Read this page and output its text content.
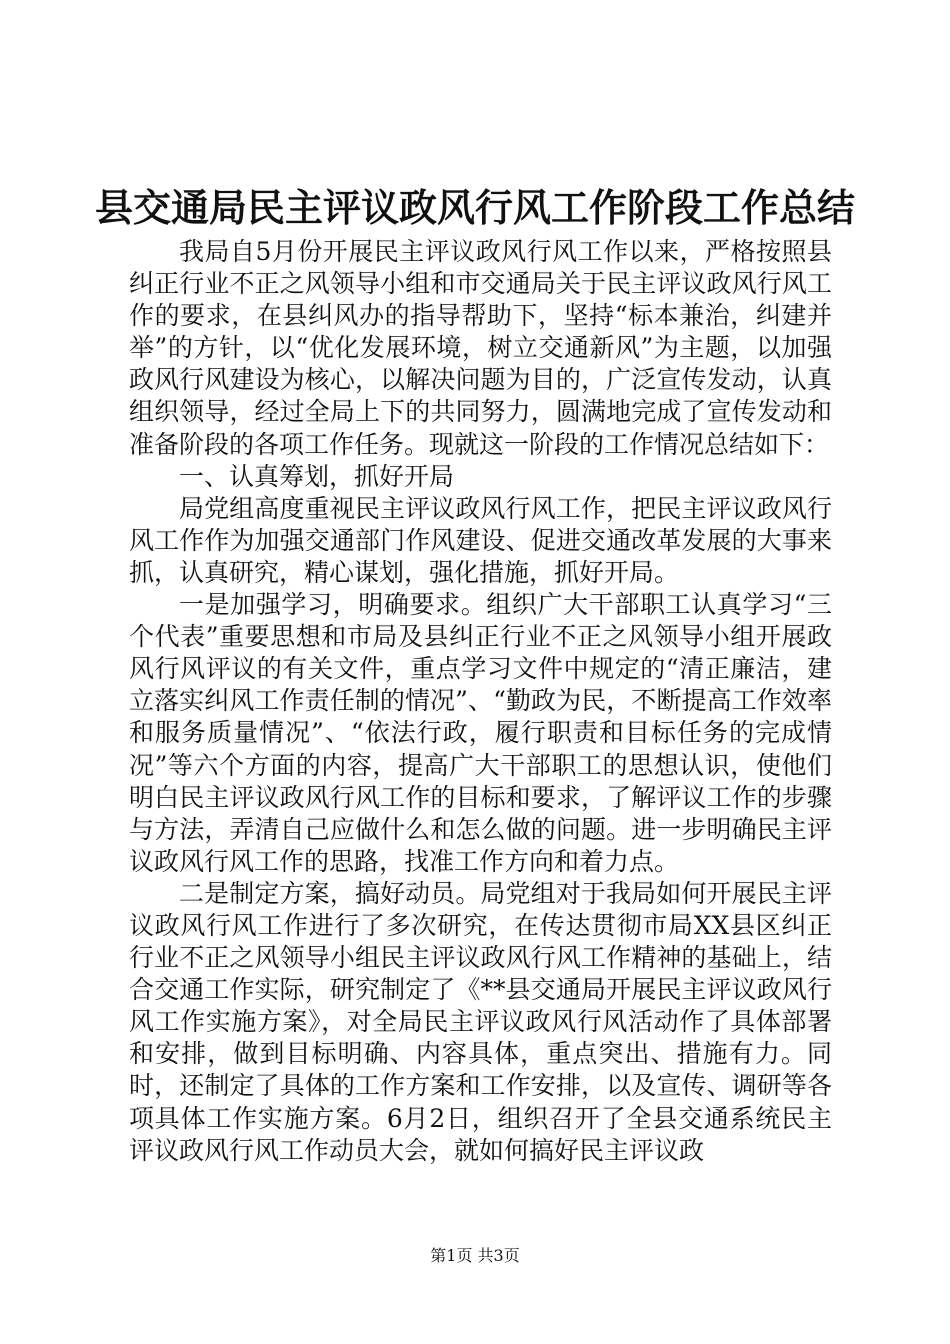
县交通局民主评议政风行风工作阶段工作总结

我局自5月份开展民主评议政风行风工作以来，严格按照县纠正行业不正之风领导小组和市交通局关于民主评议政风行风工作的要求，在县纠风办的指导帮助下，坚持“标本兼治，纠建并举”的方针，以“优化发展环境，树立交通新风”为主题，以加强政风行风建设为核心，以解决问题为目的，广泛宣传发动，认真组织领导，经过全局上下的共同努力，圆满地完成了宣传发动和准备阶段的各项工作任务。现就这一阶段的工作情况总结如下：

一、认真筹划，抓好开局

局党组高度重视民主评议政风行风工作，把民主评议政风行风工作作为加强交通部门作风建设、促进交通改革发展的大事来抓，认真研究，精心谋划，强化措施，抓好开局。

一是加强学习，明确要求。组织广大干部职工认真学习“三个代表”重要思想和市局及县纠正行业不正之风领导小组开展政风行风评议的有关文件，重点学习文件中规定的“清正廉洁，建立落实纠风工作责任制的情况”、“勤政为民，不断提高工作效率和服务质量情况”、“依法行政，履行职责和目标任务的完成情况”等六个方面的内容，提高广大干部职工的思想认识，使他们明白民主评议政风行风工作的目标和要求，了解评议工作的步骤与方法，弄清自己应做什么和怎么做的问题。进一步明确民主评议政风行风工作的思路，找准工作方向和着力点。

二是制定方案，搞好动员。局党组对于我局如何开展民主评议政风行风工作进行了多次研究，在传达贯彻市局XX县区纠正行业不正之风领导小组民主评议政风行风工作精神的基础上，结合交通工作实际，研究制定了《**县交通局开展民主评议政风行风工作实施方案》，对全局民主评议政风行风活动作了具体部署和安排，做到目标明确、内容具体，重点突出、措施有力。同时，还制定了具体的工作方案和工作安排，以及宣传、调研等各项具体工作实施方案。6月2日，组织召开了全县交通系统民主评议政风行风工作动员大会，就如何搞好民主评议政

第1页 共3页
